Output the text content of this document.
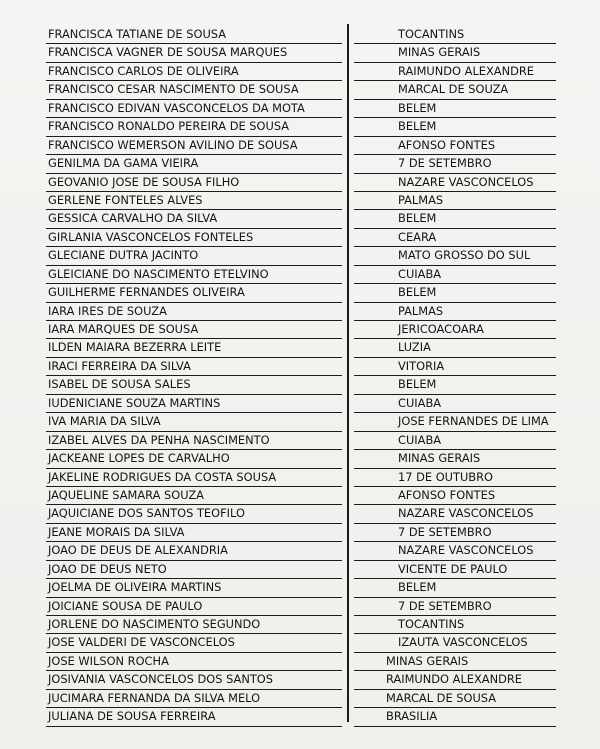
FRANCISCA TATIANE DE SOUSA	TOCANTINS
FRANCISCA VAGNER DE SOUSA MARQUES	MINAS GERAIS
FRANCISCO CARLOS DE OLIVEIRA	RAIMUNDO ALEXANDRE
FRANCISCO CESAR NASCIMENTO DE SOUSA	MARCAL DE SOUZA
FRANCISCO EDIVAN VASCONCELOS DA MOTA	BELEM
FRANCISCO RONALDO PEREIRA DE SOUSA	BELEM
FRANCISCO WEMERSON AVILINO DE SOUSA	AFONSO FONTES
GENILMA DA GAMA VIEIRA	7 DE SETEMBRO
GEOVANIO JOSE DE SOUSA FILHO	NAZARE VASCONCELOS
GERLENE FONTELES ALVES	PALMAS
GESSICA CARVALHO DA SILVA	BELEM
GIRLANIA VASCONCELOS FONTELES	CEARA
GLECIANE DUTRA JACINTO	MATO GROSSO DO SUL
GLEICIANE DO NASCIMENTO ETELVINO	CUIABA
GUILHERME FERNANDES OLIVEIRA	BELEM
IARA IRES DE SOUZA	PALMAS
IARA MARQUES DE SOUSA	JERICOACOARA
ILDEN MAIARA BEZERRA LEITE	LUZIA
IRACI FERREIRA DA SILVA	VITORIA
ISABEL DE SOUSA SALES	BELEM
IUDENICIANE SOUZA MARTINS	CUIABA
IVA MARIA DA SILVA	JOSE FERNANDES DE LIMA
IZABEL ALVES DA PENHA NASCIMENTO	CUIABA
JACKEANE LOPES DE CARVALHO	MINAS GERAIS
JAKELINE RODRIGUES DA COSTA SOUSA	17 DE OUTUBRO
JAQUELINE SAMARA SOUZA	AFONSO FONTES
JAQUICIANE DOS SANTOS TEOFILO	NAZARE VASCONCELOS
JEANE MORAIS DA SILVA	7 DE SETEMBRO
JOAO DE DEUS DE ALEXANDRIA	NAZARE VASCONCELOS
JOAO DE DEUS NETO	VICENTE DE PAULO
JOELMA DE OLIVEIRA MARTINS	BELEM
JOICIANE SOUSA DE PAULO	7 DE SETEMBRO
JORLENE DO NASCIMENTO SEGUNDO	TOCANTINS
JOSE VALDERI DE VASCONCELOS	IZAUTA VASCONCELOS
JOSE WILSON ROCHA	MINAS GERAIS
JOSIVANIA VASCONCELOS DOS SANTOS	RAIMUNDO ALEXANDRE
JUCIMARA FERNANDA DA SILVA MELO	MARCAL DE SOUSA
JULIANA DE SOUSA FERREIRA	BRASILIA
